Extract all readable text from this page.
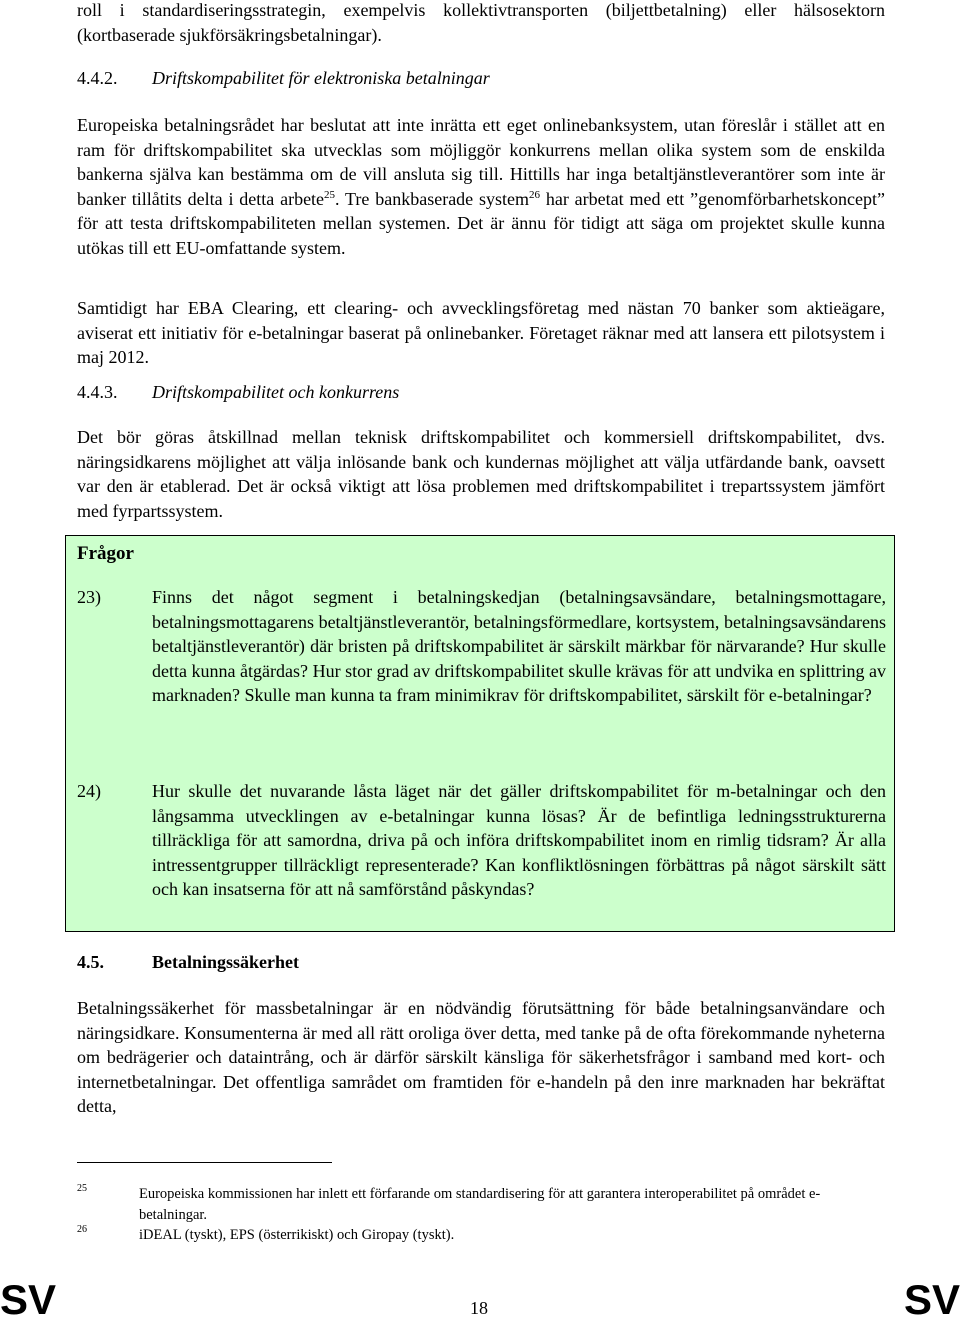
roll i standardiseringsstrategin, exempelvis kollektivtransporten (biljettbetalning) eller hälsosektorn (kortbaserade sjukförsäkringsbetalningar).

4.4.2. Driftskompabilitet för elektroniska betalningar

Europeiska betalningsrådet har beslutat att inte inrätta ett eget onlinebanksystem, utan föreslår i stället att en ram för driftskompabilitet ska utvecklas som möjliggör konkurrens mellan olika system som de enskilda bankerna själva kan bestämma om de vill ansluta sig till. Hittills har inga betaltjänstleverantörer som inte är banker tillåtits delta i detta arbete$^{25}$. Tre bankbaserade system$^{26}$ har arbetat med ett ”genomförbarhetskoncept” för att testa driftskompabiliteten mellan systemen. Det är ännu för tidigt att säga om projektet skulle kunna utökas till ett EU-omfattande system.

Samtidigt har EBA Clearing, ett clearing- och avvecklingsföretag med nästan 70 banker som aktieägare, aviserat ett initiativ för e-betalningar baserat på onlinebanker. Företaget räknar med att lansera ett pilotsystem i maj 2012.

4.4.3. Driftskompabilitet och konkurrens

Det bör göras åtskillnad mellan teknisk driftskompabilitet och kommersiell driftskompabilitet, dvs. näringsidkarens möjlighet att välja inlösande bank och kundernas möjlighet att välja utfärdande bank, oavsett var den är etablerad. Det är också viktigt att lösa problemen med driftskompabilitet i trepartssystem jämfört med fyrpartssystem.

4.5.	Betalningssäkerhet

Betalningssäkerhet för massbetalningar är en nödvändig förutsättning för både betalningsanvändare och näringsidkare. Konsumenterna är med all rätt oroliga över detta, med tanke på de ofta förekommande nyheterna om bedrägerier och dataintrång, och är därför särskilt känsliga för säkerhetsfrågor i samband med kort- och internetbetalningar. Det offentliga samrådet om framtiden för e-handeln på den inre marknaden har bekräftat detta,

Frågor
23)	Finns det något segment i betalningskedjan (betalningsavsändare, betalningsmottagare, betalningsmottagarens betaltjänstleverantör, betalningsförmedlare, kortsystem, betalningsavsändarens betaltjänstleverantör) där bristen på driftskompabilitet är särskilt märkbar för närvarande? Hur skulle detta kunna åtgärdas? Hur stor grad av driftskompabilitet skulle krävas för att undvika en splittring av marknaden? Skulle man kunna ta fram minimikrav för driftskompabilitet, särskilt för e-betalningar?

24)	Hur skulle det nuvarande låsta läget när det gäller driftskompabilitet för m-betalningar och den långsamma utvecklingen av e-betalningar kunna lösas? Är de befintliga ledningsstrukturerna tillräckliga för att samordna, driva på och införa driftskompabilitet inom en rimlig tidsram? Är alla intressentgrupper tillräckligt representerade? Kan konfliktlösningen förbättras på något särskilt sätt och kan insatserna för att nå samförstånd påskyndas?

25	Europeiska kommissionen har inlett ett förfarande om standardisering för att garantera interoperabilitet på området e-betalningar.
26	iDEAL (tyskt), EPS (österrikiskt) och Giropay (tyskt).
SV	18	SV
